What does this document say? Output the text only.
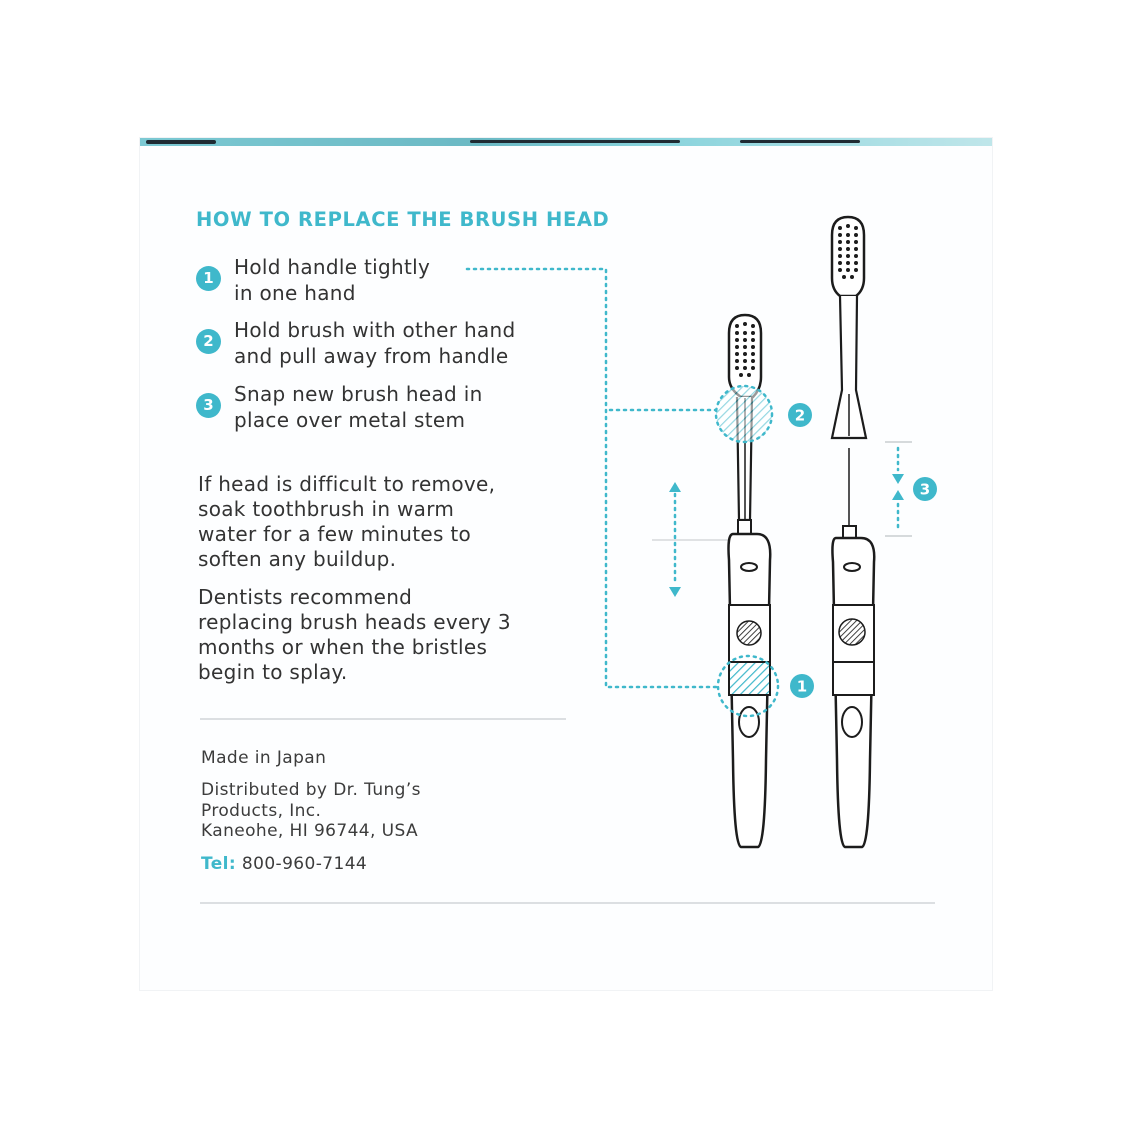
HOW TO REPLACE THE BRUSH HEAD
1	Hold handle tightly
in one hand
2	Hold brush with other hand
and pull away from handle
3	Snap new brush head in
place over metal stem
If head is difficult to remove,
soak toothbrush in warm
water for a few minutes to
soften any buildup.
Dentists recommend
replacing brush heads every 3
months or when the bristles
begin to splay.
Made in Japan
Distributed by Dr. Tung’s
Products, Inc.
Kaneohe, HI 96744, USA
Tel: 800-960-7144
2
1
3
